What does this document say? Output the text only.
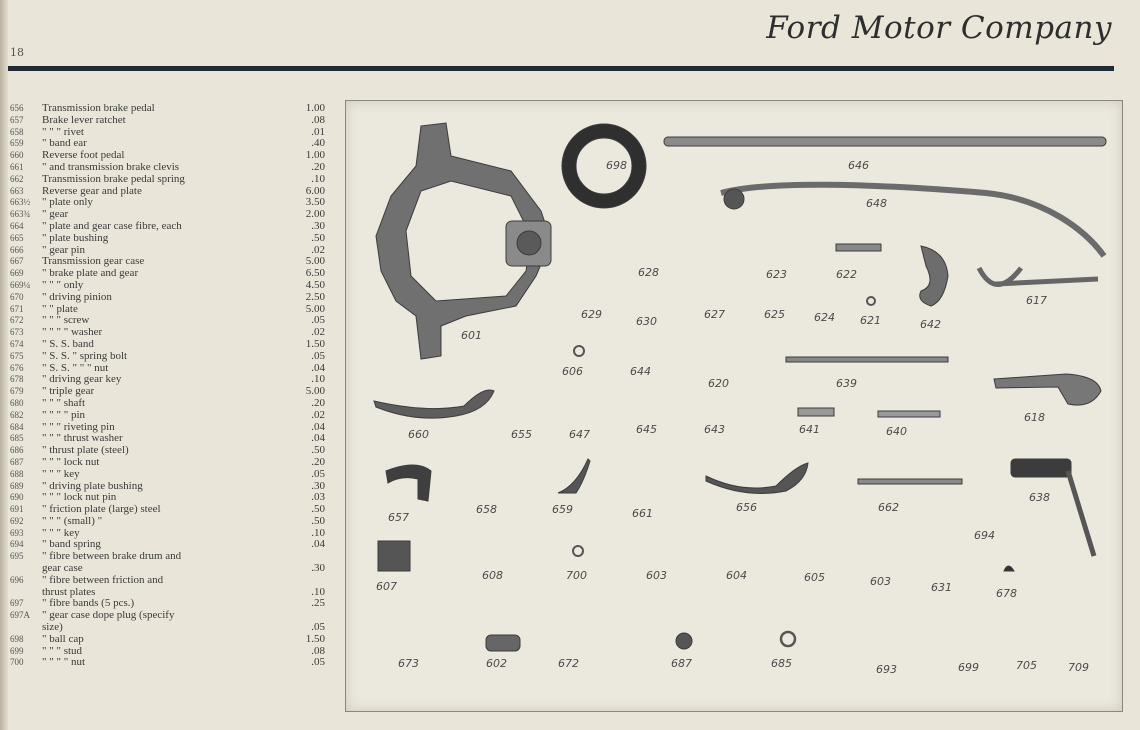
18
Ford Motor Company
656	Transmission brake pedal	1.00
657	Brake lever ratchet	.08
658	" " " rivet	.01
659	" band ear	.40
660	Reverse foot pedal	1.00
661	" and transmission brake clevis	.20
662	Transmission brake pedal spring	.10
663	Reverse gear and plate	6.00
663½	" plate only	3.50
663¾	" gear	2.00
664	" plate and gear case fibre, each	.30
665	" plate bushing	.50
666	" gear pin	.02
667	Transmission gear case	5.00
669	" brake plate and gear	6.50
669¼	" " " only	4.50
670	" driving pinion	2.50
671	" " plate	5.00
672	" " " screw	.05
673	" " " " washer	.02
674	" S. S. band	1.50
675	" S. S. " spring bolt	.05
676	" S. S. " " " nut	.04
678	" driving gear key	.10
679	" triple gear	5.00
680	" " " shaft	.20
682	" " " " pin	.02
684	" " " riveting pin	.04
685	" " " thrust washer	.04
686	" thrust plate (steel)	.50
687	" " " lock nut	.20
688	" " " key	.05
689	" driving plate bushing	.30
690	" " " lock nut pin	.03
691	" friction plate (large) steel	.50
692	" " " (small) "	.50
693	" " " key	.10
694	" band spring	.04
695	" fibre between brake drum and
gear case	.30
696	" fibre between friction and
thrust plates	.10
697	" fibre bands (5 pcs.)	.25
697A	" gear case dope plug (specify
size)	.05
698	" ball cap	1.50
699	" " " stud	.08
700	" " " " nut	.05
698	646
648
601
629
628
630
627
623	622
625	624 621	642
617
606	644
620	639
618
660	655	647	645	643	641	640
657
658	659	661	656	662
638
694
607
608	700	603	604	605	603	631	678
673	602	672	687	685	693	699	705	709
